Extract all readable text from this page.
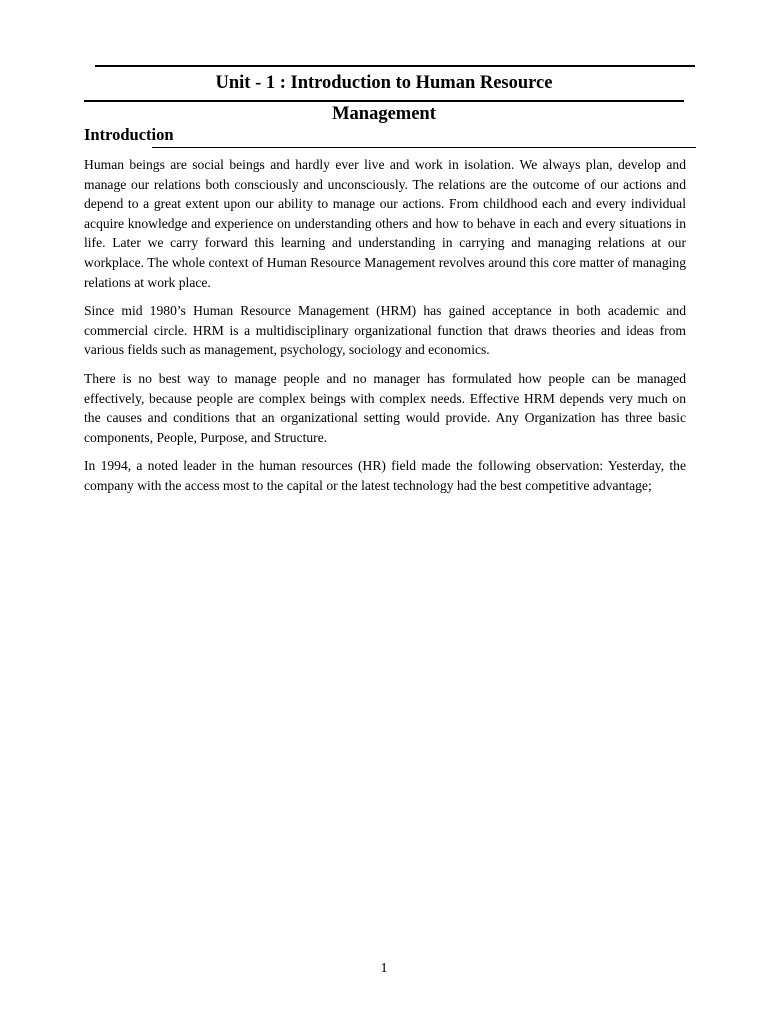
Unit - 1 : Introduction to Human Resource
Management
Introduction

Human beings are social beings and hardly ever live and work in isolation. We always plan, develop and manage our relations both consciously and unconsciously. The relations are the outcome of our actions and depend to a great extent upon our ability to manage our actions. From childhood each and every individual acquire knowledge and experience on understanding others and how to behave in each and every situations in life. Later we carry forward this learning and understanding in carrying and managing relations at our workplace. The whole context of Human Resource Management revolves around this core matter of managing relations at work place.

Since mid 1980’s Human Resource Management (HRM) has gained acceptance in both academic and commercial circle. HRM is a multidisciplinary organizational function that draws theories and ideas from various fields such as management, psychology, sociology and economics.

There is no best way to manage people and no manager has formulated how people can be managed effectively, because people are complex beings with complex needs. Effective HRM depends very much on the causes and conditions that an organizational setting would provide. Any Organization has three basic components, People, Purpose, and Structure.

In 1994, a noted leader in the human resources (HR) field made the following observation: Yesterday, the company with the access most to the capital or the latest technology had the best competitive advantage;

1
